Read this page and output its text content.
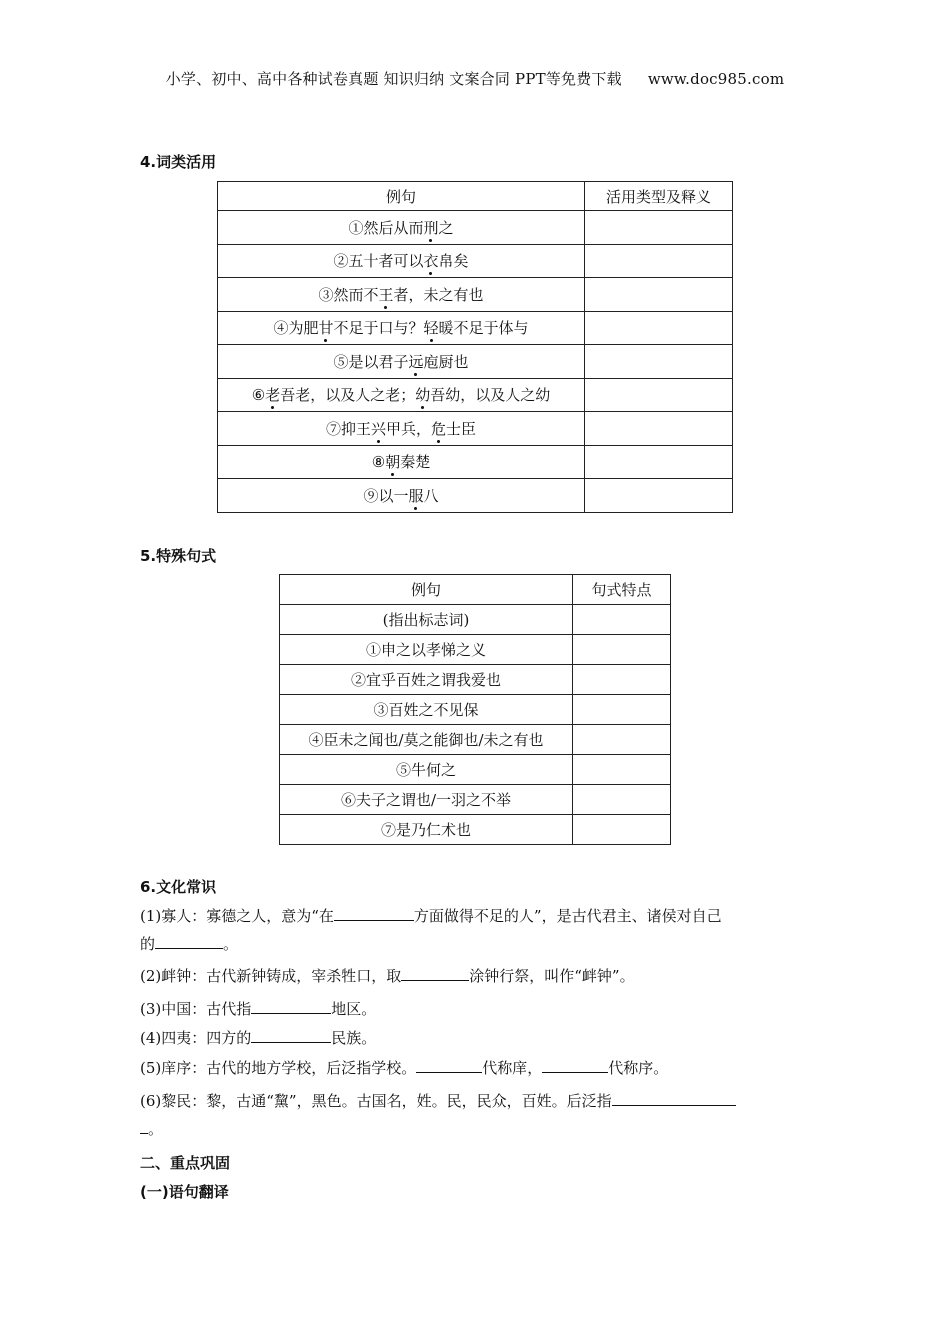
小学、初中、高中各种试卷真题 知识归纳 文案合同 PPT等免费下载 www.doc985.com
4.词类活用
例句	活用类型及释义
①然后从而刑之	
②五十者可以衣帛矣	
③然而不王者，未之有也	
④为肥甘不足于口与？轻暖不足于体与	
⑤是以君子远庖厨也	
⑥老吾老，以及人之老；幼吾幼，以及人之幼	
⑦抑王兴甲兵，危士臣	
⑧朝秦楚	
⑨以一服八	
5.特殊句式
例句	句式特点
(指出标志词)	
①申之以孝悌之义	
②宜乎百姓之谓我爱也	
③百姓之不见保	
④臣未之闻也/莫之能御也/未之有也	
⑤牛何之	
⑥夫子之谓也/一羽之不举	
⑦是乃仁术也	
6.文化常识
(1)寡人：寡德之人，意为“在	方面做得不足的人”，是古代君主、诸侯对自己
的	。
(2)衅钟：古代新钟铸成，宰杀牲口，取	涂钟行祭，叫作“衅钟”。
(3)中国：古代指	地区。
(4)四夷：四方的	民族。
(5)庠序：古代的地方学校，后泛指学校。	代称庠，	代称序。
(6)黎民：黎，古通“黧”，黑色。古国名，姓。民，民众，百姓。后泛指
。
二、重点巩固
(一)语句翻译
